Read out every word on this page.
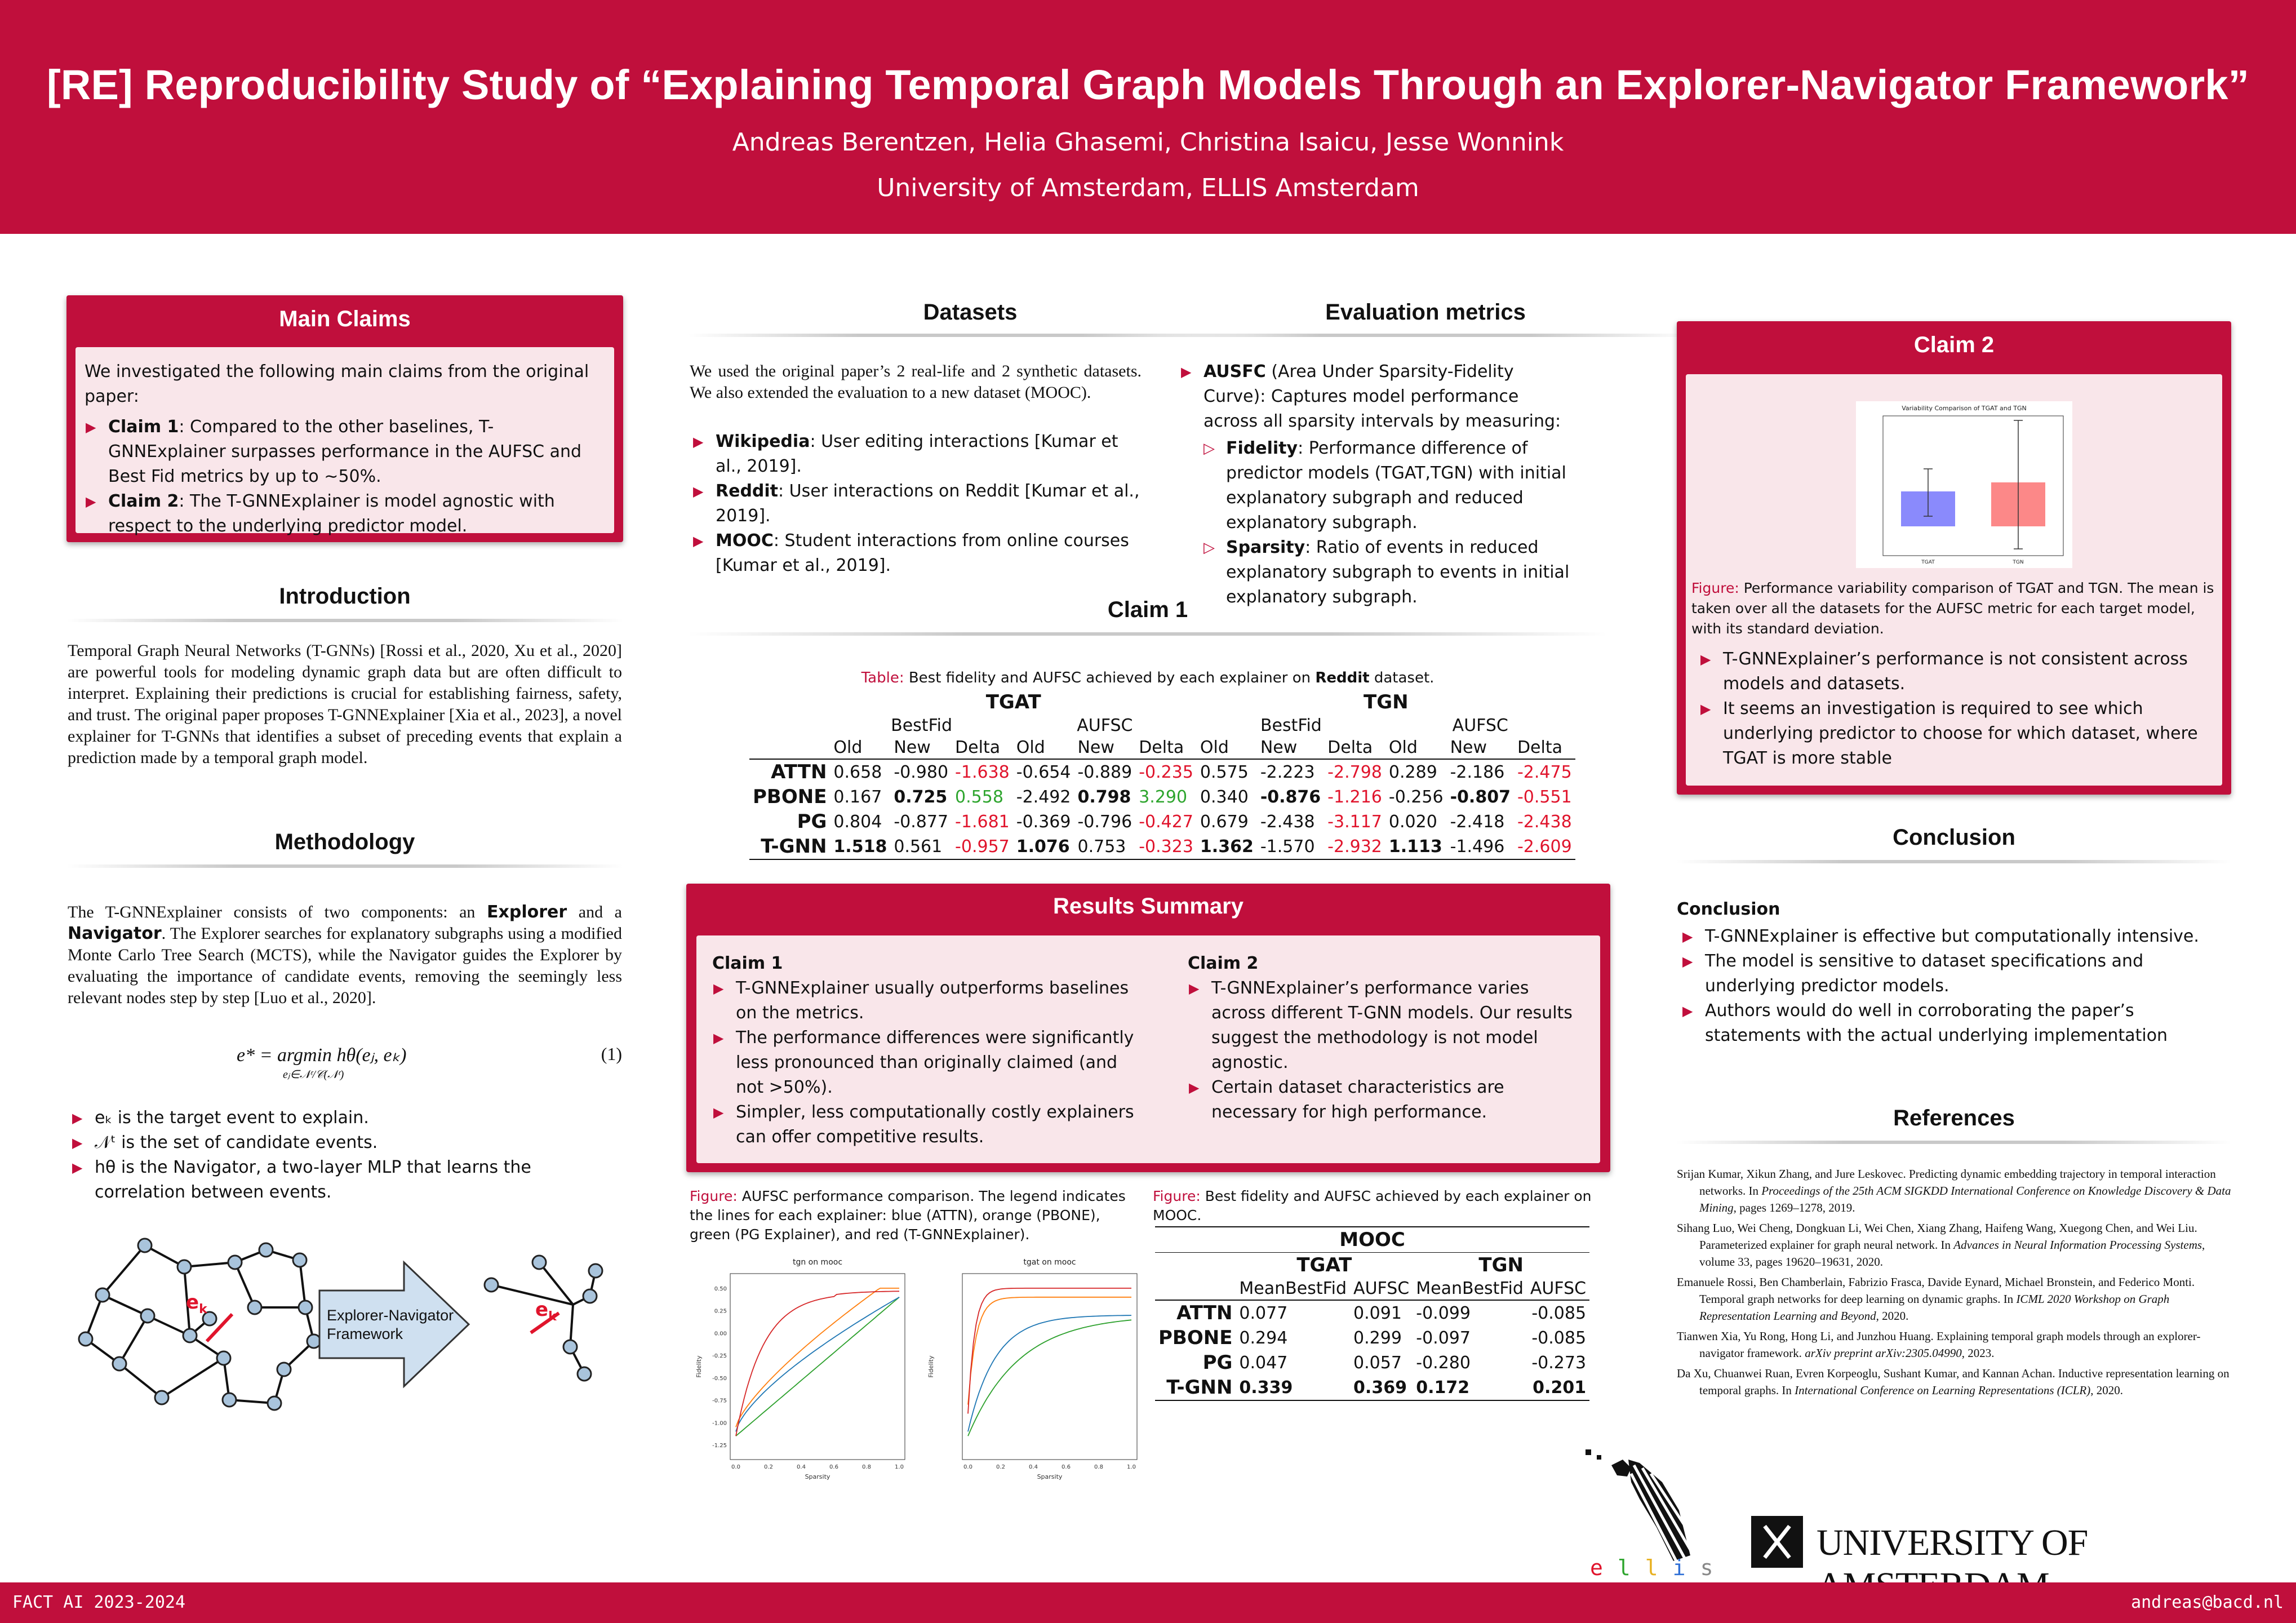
[RE] Reproducibility Study of “Explaining Temporal Graph Models Through an Explorer-Navigator Framework”
Andreas Berentzen, Helia Ghasemi, Christina Isaicu, Jesse Wonnink
University of Amsterdam, ELLIS Amsterdam
Main Claims
We investigated the following main claims from the original paper:
▶ Claim 1: Compared to the other baselines, T-GNNExplainer surpasses performance in the AUFSC and Best Fid metrics by up to ∼50%.
▶ Claim 2: The T-GNNExplainer is model agnostic with respect to the underlying predictor model.
Introduction
Temporal Graph Neural Networks (T-GNNs) [Rossi et al., 2020, Xu et al., 2020] are powerful tools for modeling dynamic graph data but are often difficult to interpret. Explaining their predictions is crucial for establishing fairness, safety, and trust. The original paper proposes T-GNNExplainer [Xia et al., 2023], a novel explainer for T-GNNs that identifies a subset of preceding events that explain a prediction made by a temporal graph model.
Methodology
The T-GNNExplainer consists of two components: an Explorer and a Navigator. The Explorer searches for explanatory subgraphs using a modified Monte Carlo Tree Search (MCTS), while the Navigator guides the Explorer by evaluating the importance of candidate events, removing the seemingly less relevant nodes step by step [Luo et al., 2020].
e* = argmin hθ(eⱼ, eₖ)
eⱼ∈𝒩ᵗ/𝒞(𝒩ᵗ)
(1)
▶ eₖ is the target event to explain.
▶ 𝒩ᵗ is the set of candidate events.
▶ hθ is the Navigator, a two-layer MLP that learns the correlation between events.
$e_k$	Explorer-Navigator
Framework
$e_k$
Datasets
We used the original paper’s 2 real-life and 2 synthetic datasets. We also extended the evaluation to a new dataset (MOOC).
▶ Wikipedia: User editing interactions [Kumar et al., 2019].
▶ Reddit: User interactions on Reddit [Kumar et al., 2019].
▶ MOOC: Student interactions from online courses [Kumar et al., 2019].
Evaluation metrics
▶ AUSFC (Area Under Sparsity-Fidelity Curve): Captures model performance across all sparsity intervals by measuring:
▷ Fidelity: Performance difference of predictor models (TGAT,TGN) with initial explanatory subgraph and reduced explanatory subgraph.
▷ Sparsity: Ratio of events in reduced explanatory subgraph to events in initial explanatory subgraph.
Claim 1
Table: Best fidelity and AUFSC achieved by each explainer on Reddit dataset.
	TGAT						TGN					
	BestFid			AUFSC			BestFid			AUFSC		
	Old	New	Delta	Old	New	Delta	Old	New	Delta	Old	New	Delta
ATTN	0.658	-0.980	-1.638	-0.654	-0.889	-0.235	0.575	-2.223	-2.798	0.289	-2.186	-2.475
PBONE	0.167	0.725	0.558	-2.492	0.798	3.290	0.340	-0.876	-1.216	-0.256	-0.807	-0.551
PG	0.804	-0.877	-1.681	-0.369	-0.796	-0.427	0.679	-2.438	-3.117	0.020	-2.418	-2.438
T-GNN	1.518	0.561	-0.957	1.076	0.753	-0.323	1.362	-1.570	-2.932	1.113	-1.496	-2.609
Results Summary
Claim 1
▶ T-GNNExplainer usually outperforms baselines on the metrics.
▶ The performance differences were significantly less pronounced than originally claimed (and not >50%).
▶ Simpler, less computationally costly explainers can offer competitive results.
Claim 2
▶ T-GNNExplainer’s performance varies across different T-GNN models. Our results suggest the methodology is not model agnostic.
▶ Certain dataset characteristics are necessary for high performance.
Figure: AUFSC performance comparison. The legend indicates the lines for each explainer: blue (ATTN), orange (PBONE), green (PG Explainer), and red (T-GNNExplainer).
tgn on mooc
0.50
0.25
0.00
-0.25
-0.50
-0.75
-1.00
-1.25
0.0	0.2	0.4	0.6	0.8	1.0
Sparsity
Fidelity
tgat on mooc
0.0	0.2	0.4	0.6	0.8	1.0
Sparsity
Fidelity
Figure: Best fidelity and AUFSC achieved by each explainer on MOOC.
MOOC				
	TGAT		TGN	
	MeanBestFid	AUFSC	MeanBestFid	AUFSC
ATTN	0.077	0.091	-0.099	-0.085
PBONE	0.294	0.299	-0.097	-0.085
PG	0.047	0.057	-0.280	-0.273
T-GNN	0.339	0.369	0.172	0.201
Claim 2
Variability Comparison of TGAT and TGN
TGAT	TGN
Figure: Performance variability comparison of TGAT and TGN. The mean is taken over all the datasets for the AUFSC metric for each target model, with its standard deviation.
▶ T-GNNExplainer’s performance is not consistent across models and datasets.
▶ It seems an investigation is required to see which underlying predictor to choose for which dataset, where TGAT is more stable
Conclusion
Conclusion
▶ T-GNNExplainer is effective but computationally intensive.
▶ The model is sensitive to dataset specifications and underlying predictor models.
▶ Authors would do well in corroborating the paper’s statements with the actual underlying implementation
References
Srijan Kumar, Xikun Zhang, and Jure Leskovec. Predicting dynamic embedding trajectory in temporal interaction networks. In Proceedings of the 25th ACM SIGKDD International Conference on Knowledge Discovery & Data Mining, pages 1269–1278, 2019.
Sihang Luo, Wei Cheng, Dongkuan Li, Wei Chen, Xiang Zhang, Haifeng Wang, Xuegong Chen, and Wei Liu. Parameterized explainer for graph neural network. In Advances in Neural Information Processing Systems, volume 33, pages 19620–19631, 2020.
Emanuele Rossi, Ben Chamberlain, Fabrizio Frasca, Davide Eynard, Michael Bronstein, and Federico Monti. Temporal graph networks for deep learning on dynamic graphs. In ICML 2020 Workshop on Graph Representation Learning and Beyond, 2020.
Tianwen Xia, Yu Rong, Hong Li, and Junzhou Huang. Explaining temporal graph models through an explorer-navigator framework. arXiv preprint arXiv:2305.04990, 2023.
Da Xu, Chuanwei Ruan, Evren Korpeoglu, Sushant Kumar, and Kannan Achan. Inductive representation learning on temporal graphs. In International Conference on Learning Representations (ICLR), 2020.
ellis
UNIVERSITY OF
FACT AI 2023-2024	andreas@bacd.nl
